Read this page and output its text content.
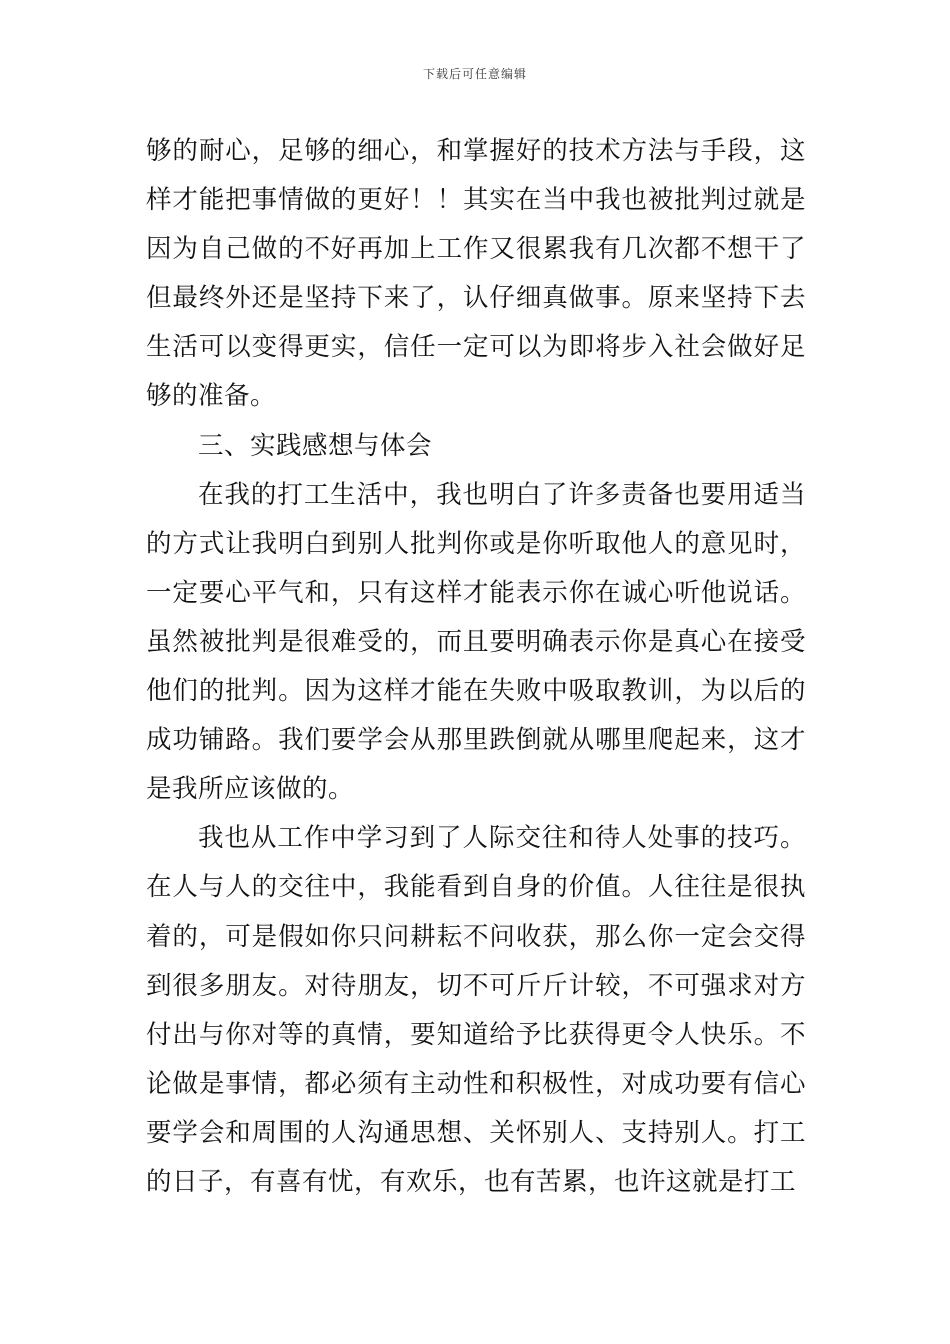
下载后可任意编辑

够的耐心，足够的细心，和掌握好的技术方法与手段，这样才能把事情做的更好！！其实在当中我也被批判过就是因为自己做的不好再加上工作又很累我有几次都不想干了但最终外还是坚持下来了，认仔细真做事。原来坚持下去生活可以变得更实，信任一定可以为即将步入社会做好足够的准备。

三、实践感想与体会

在我的打工生活中，我也明白了许多责备也要用适当的方式让我明白到别人批判你或是你听取他人的意见时，一定要心平气和，只有这样才能表示你在诚心听他说话。虽然被批判是很难受的，而且要明确表示你是真心在接受他们的批判。因为这样才能在失败中吸取教训，为以后的成功铺路。我们要学会从那里跌倒就从哪里爬起来，这才是我所应该做的。

我也从工作中学习到了人际交往和待人处事的技巧。在人与人的交往中，我能看到自身的价值。人往往是很执着的，可是假如你只问耕耘不问收获，那么你一定会交得到很多朋友。对待朋友，切不可斤斤计较，不可强求对方付出与你对等的真情，要知道给予比获得更令人快乐。不论做是事情，都必须有主动性和积极性，对成功要有信心要学会和周围的人沟通思想、关怀别人、支持别人。打工的日子，有喜有忧，有欢乐，也有苦累，也许这就是打工
